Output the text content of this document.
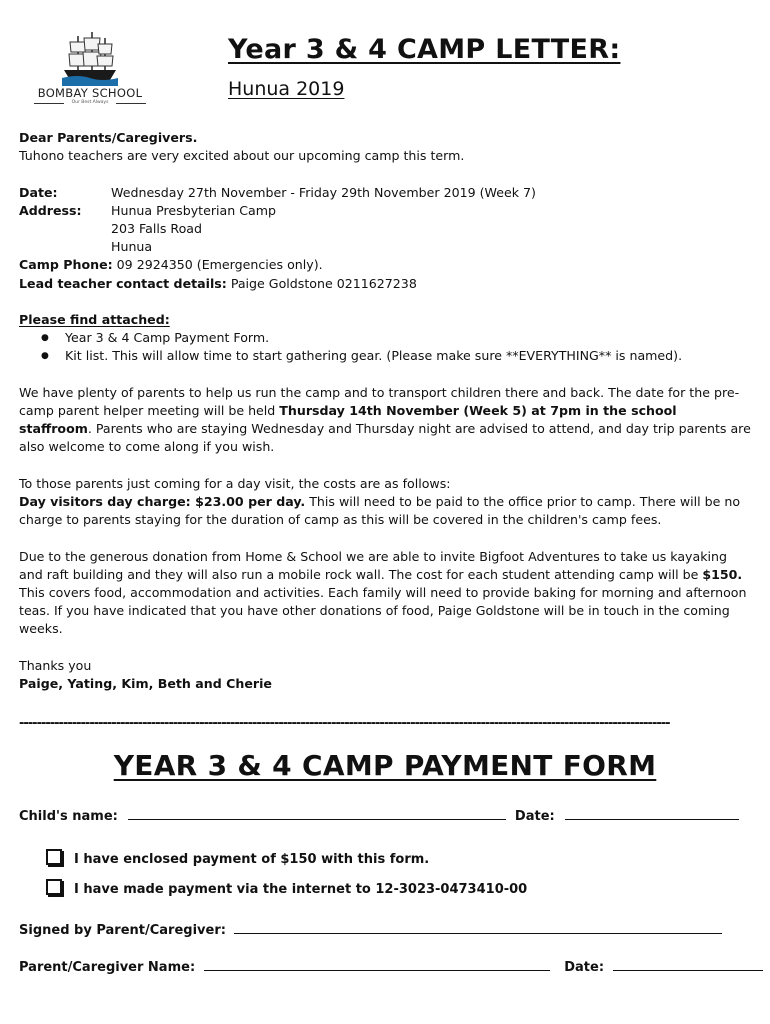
BOMBAY SCHOOL
Our Best Always
Year 3 & 4 CAMP LETTER:
Hunua 2019

Dear Parents/Caregivers.

Tuhono teachers are very excited about our upcoming camp this term.

Date:	Wednesday 27th November - Friday 29th November 2019 (Week 7)
Address:	Hunua Presbyterian Camp

203 Falls Road

Hunua

Camp Phone: 09 2924350 (Emergencies only).

Lead teacher contact details: Paige Goldstone 0211627238

Please find attached:

● Year 3 & 4 Camp Payment Form.
● Kit list. This will allow time to start gathering gear. (Please make sure **EVERYTHING** is named).

We have plenty of parents to help us run the camp and to transport children there and back. The date for the pre-camp parent helper meeting will be held Thursday 14th November (Week 5) at 7pm in the school staffroom. Parents who are staying Wednesday and Thursday night are advised to attend, and day trip parents are also welcome to come along if you wish.

To those parents just coming for a day visit, the costs are as follows:

Day visitors day charge: $23.00 per day. This will need to be paid to the office prior to camp. There will be no charge to parents staying for the duration of camp as this will be covered in the children's camp fees.

Due to the generous donation from Home & School we are able to invite Bigfoot Adventures to take us kayaking and raft building and they will also run a mobile rock wall. The cost for each student attending camp will be $150. This covers food, accommodation and activities. Each family will need to provide baking for morning and afternoon teas. If you have indicated that you have other donations of food, Paige Goldstone will be in touch in the coming weeks.

Thanks you

Paige, Yating, Kim, Beth and Cherie

----------------------------------------------------------------------------------------------------------------------------------------------------
YEAR 3 & 4 CAMP PAYMENT FORM
Child's name:	Date:
I have enclosed payment of $150 with this form.
I have made payment via the internet to 12-3023-0473410-00
Signed by Parent/Caregiver:
Parent/Caregiver Name:	Date:
